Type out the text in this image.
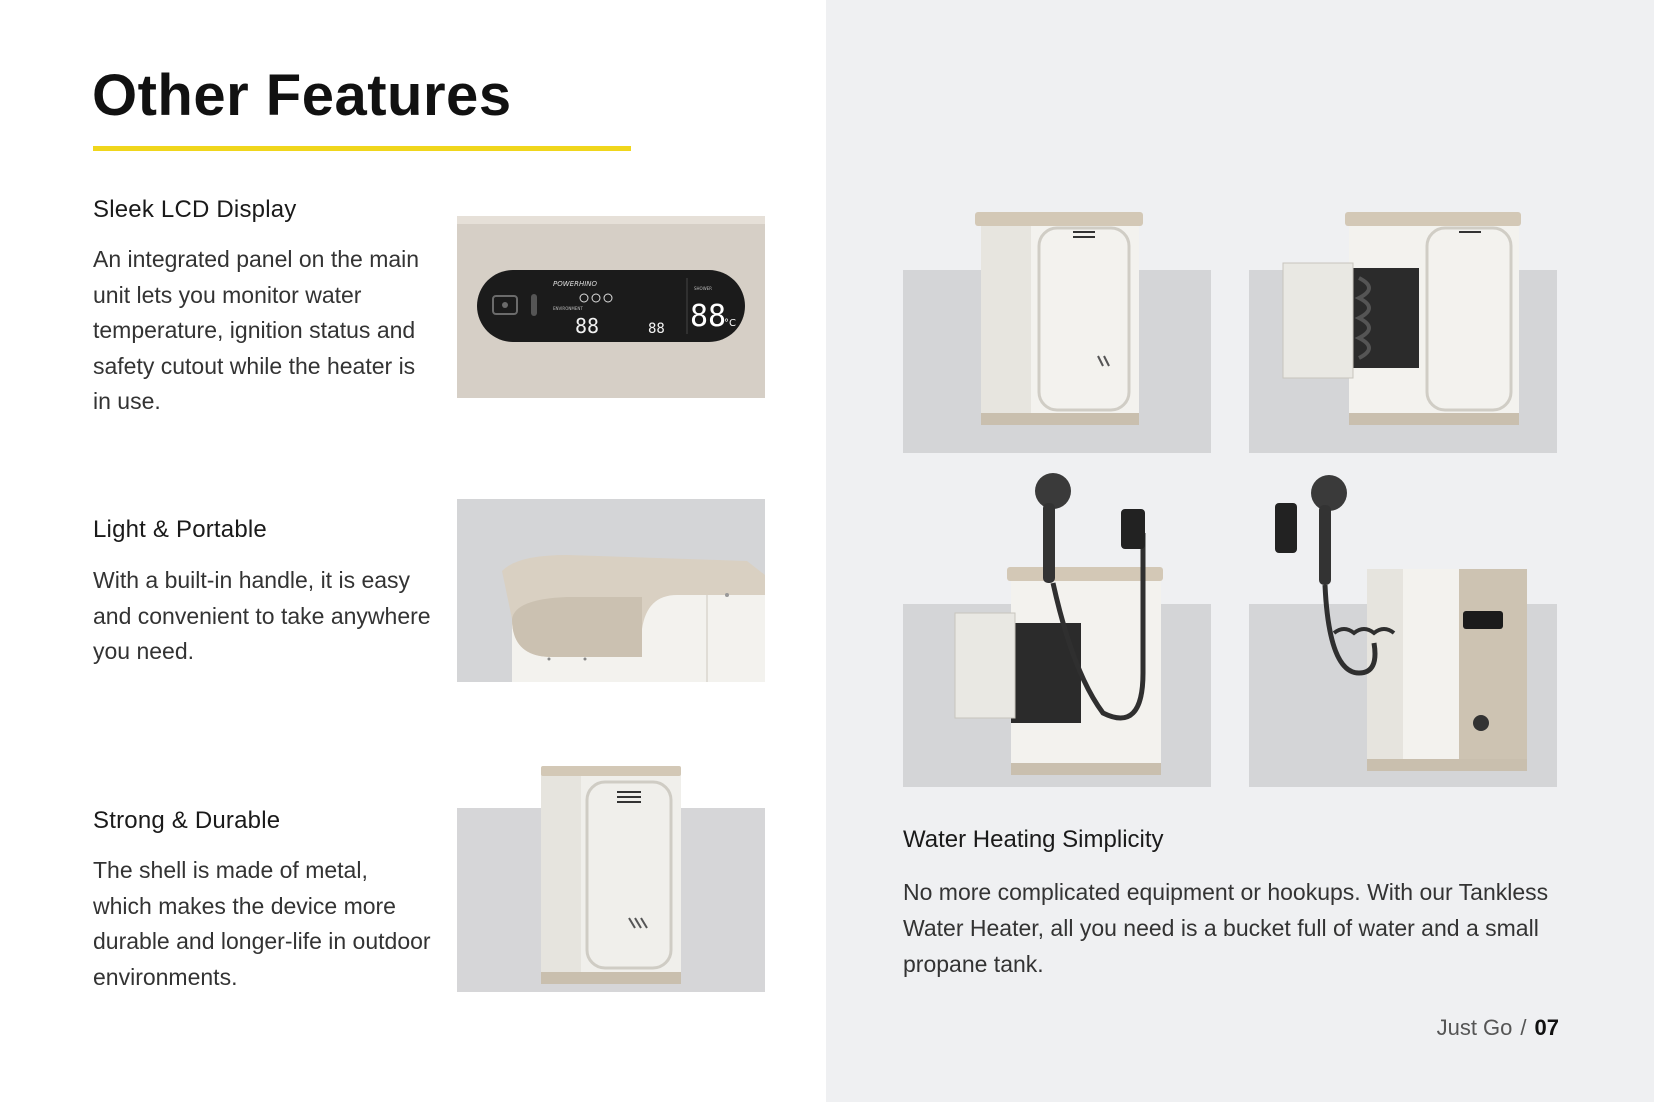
Other Features
Sleek LCD Display

An integrated panel on the main unit lets you monitor water temperature, ignition status and safety cutout while the heater is in use.

Light & Portable

With a built-in handle, it is easy and convenient to take anywhere you need.

Strong & Durable

The shell is made of metal, which makes the device more durable and longer-life in outdoor environments.

POWERHINO
ENVIRONMENT
88	88
SHOWER
88
°C
Water Heating Simplicity

No more complicated equipment or hookups. With our Tankless Water Heater, all you need is a bucket full of water and a small propane tank.

Just Go / 07
